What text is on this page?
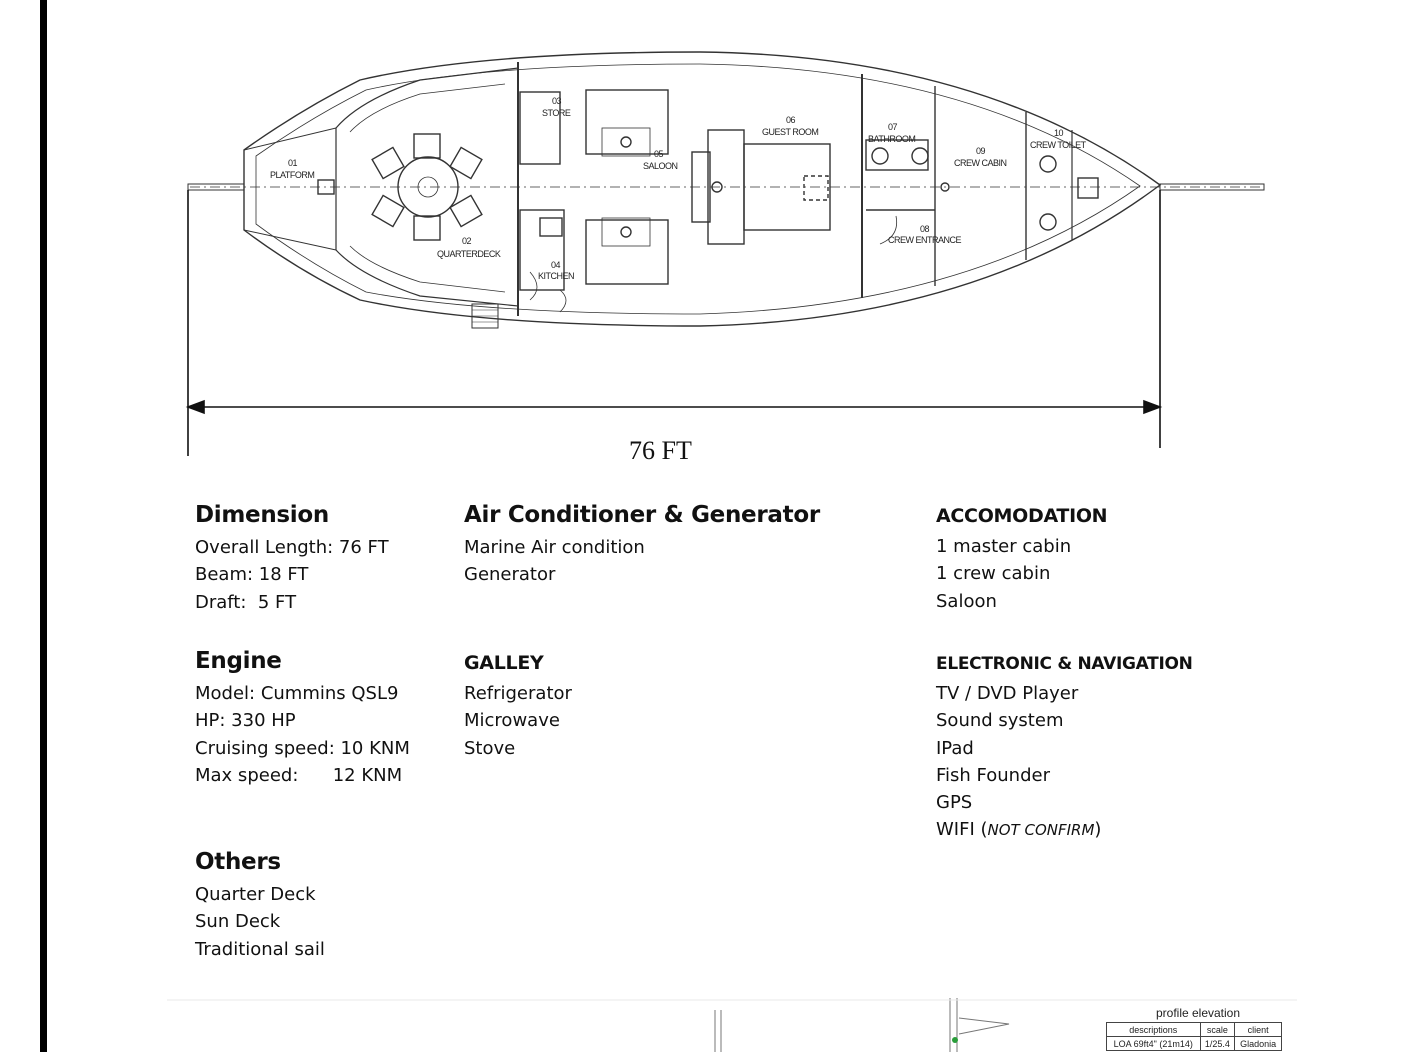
01
PLATFORM
02
QUARTERDECK
03
STORE
04
KITCHEN
05
SALOON
06
GUEST ROOM	07
BATHROOM
08
CREW ENTRANCE
09
CREW CABIN
10
CREW TOILET
76 FT
Dimension
Overall Length: 76 FT
Beam: 18 FT
Draft:  5 FT
Air Conditioner & Generator
Marine Air condition
Generator
ACCOMODATION
1 master cabin
1 crew cabin
Saloon
Engine
Model: Cummins QSL9
HP: 330 HP
Cruising speed: 10 KNM
Max speed:      12 KNM
GALLEY
Refrigerator
Microwave
Stove
ELECTRONIC & NAVIGATION
TV / DVD Player
Sound system
IPad
Fish Founder
GPS
WIFI (NOT CONFIRM)
Others
Quarter Deck
Sun Deck
Traditional sail
profile elevation
descriptions	scale	client
LOA 69ft4" (21m14)	1/25.4	Gladonia
